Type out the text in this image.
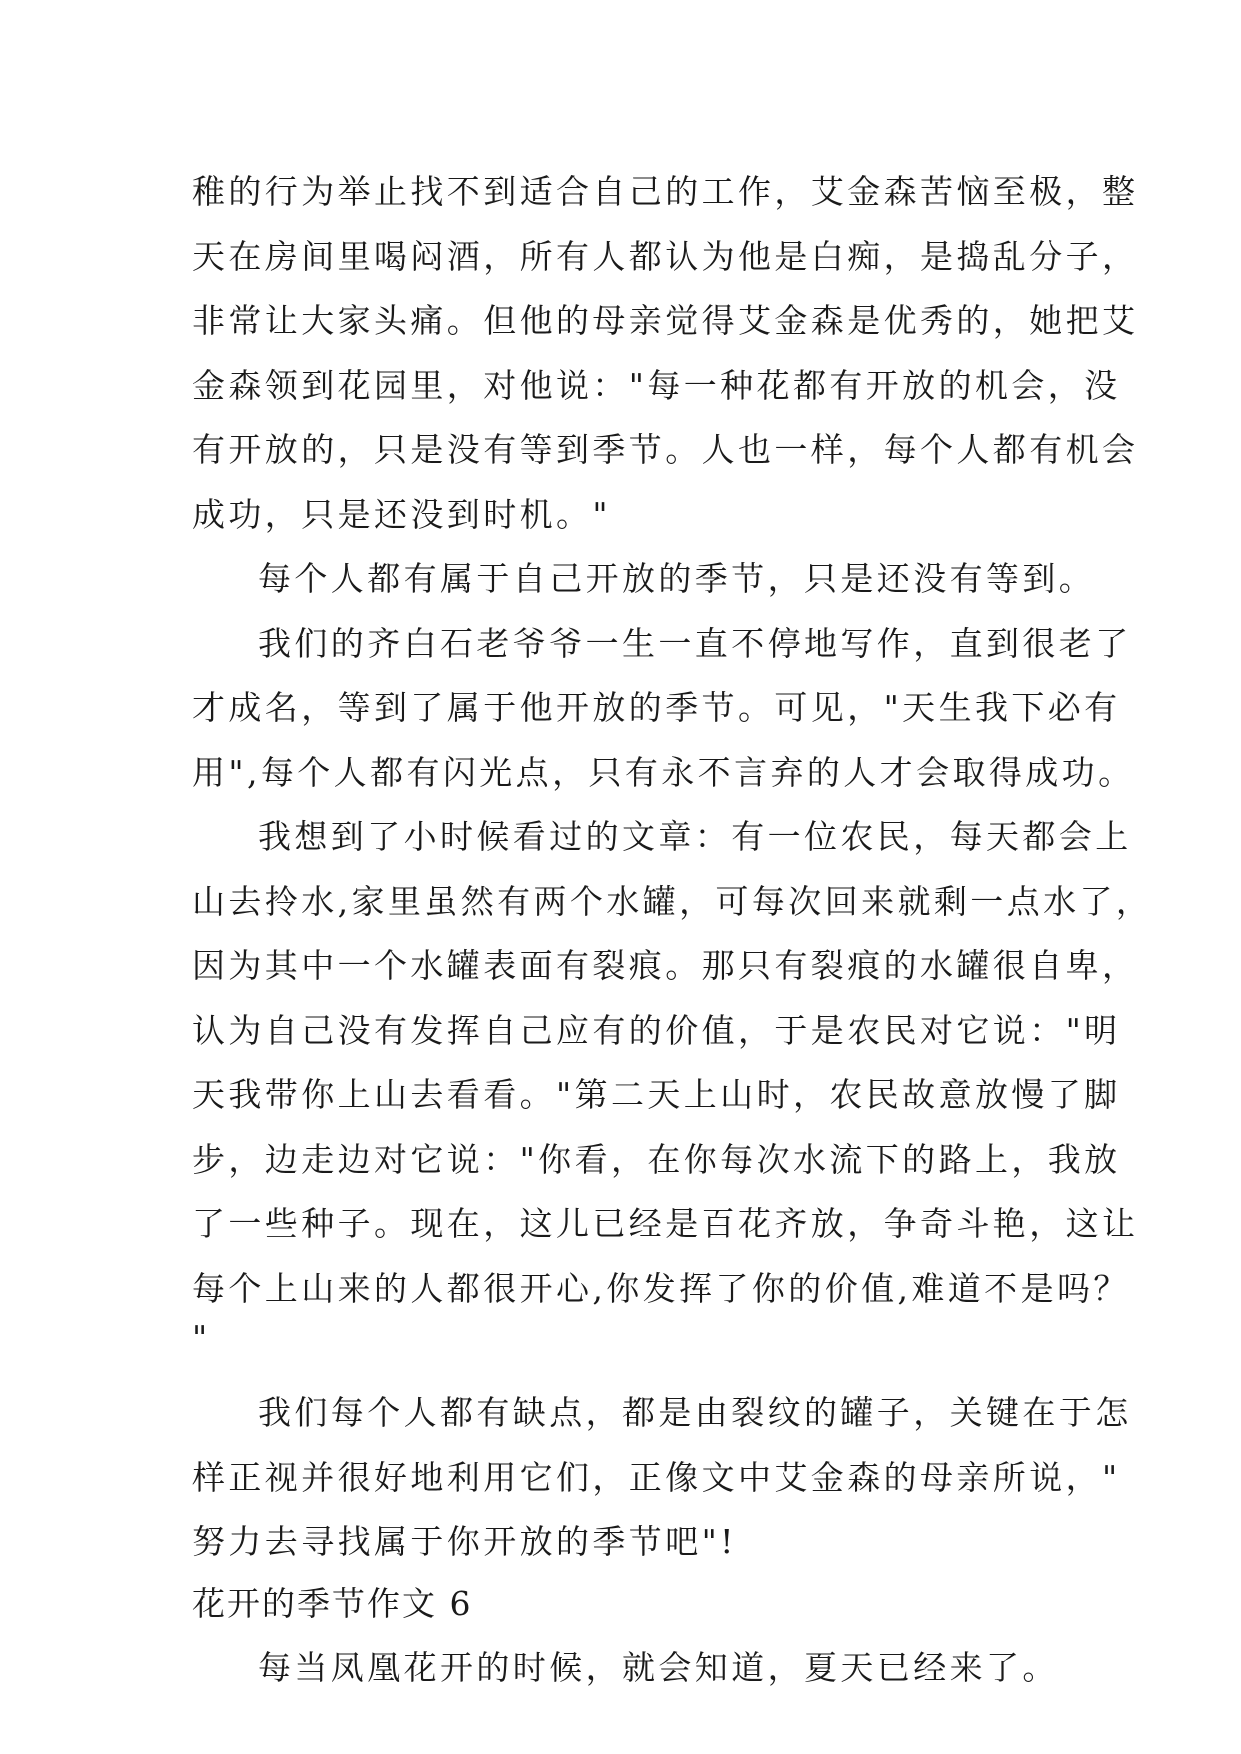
稚的行为举止找不到适合自己的工作，艾金森苦恼至极，整
天在房间里喝闷酒，所有人都认为他是白痴，是捣乱分子，
非常让大家头痛。但他的母亲觉得艾金森是优秀的，她把艾
金森领到花园里，对他说："每一种花都有开放的机会，没
有开放的，只是没有等到季节。人也一样，每个人都有机会
成功，只是还没到时机。"
每个人都有属于自己开放的季节，只是还没有等到。
我们的齐白石老爷爷一生一直不停地写作，直到很老了
才成名，等到了属于他开放的季节。可见，"天生我下必有
用",每个人都有闪光点，只有永不言弃的人才会取得成功。
我想到了小时候看过的文章：有一位农民，每天都会上
山去拎水,家里虽然有两个水罐，可每次回来就剩一点水了，
因为其中一个水罐表面有裂痕。那只有裂痕的水罐很自卑，
认为自己没有发挥自己应有的价值，于是农民对它说："明
天我带你上山去看看。"第二天上山时，农民故意放慢了脚
步，边走边对它说："你看，在你每次水流下的路上，我放
了一些种子。现在，这儿已经是百花齐放，争奇斗艳，这让
每个上山来的人都很开心,你发挥了你的价值,难道不是吗？
"
我们每个人都有缺点，都是由裂纹的罐子，关键在于怎
样正视并很好地利用它们，正像文中艾金森的母亲所说，"
努力去寻找属于你开放的季节吧"!
花开的季节作文 6
每当凤凰花开的时候，就会知道，夏天已经来了。
